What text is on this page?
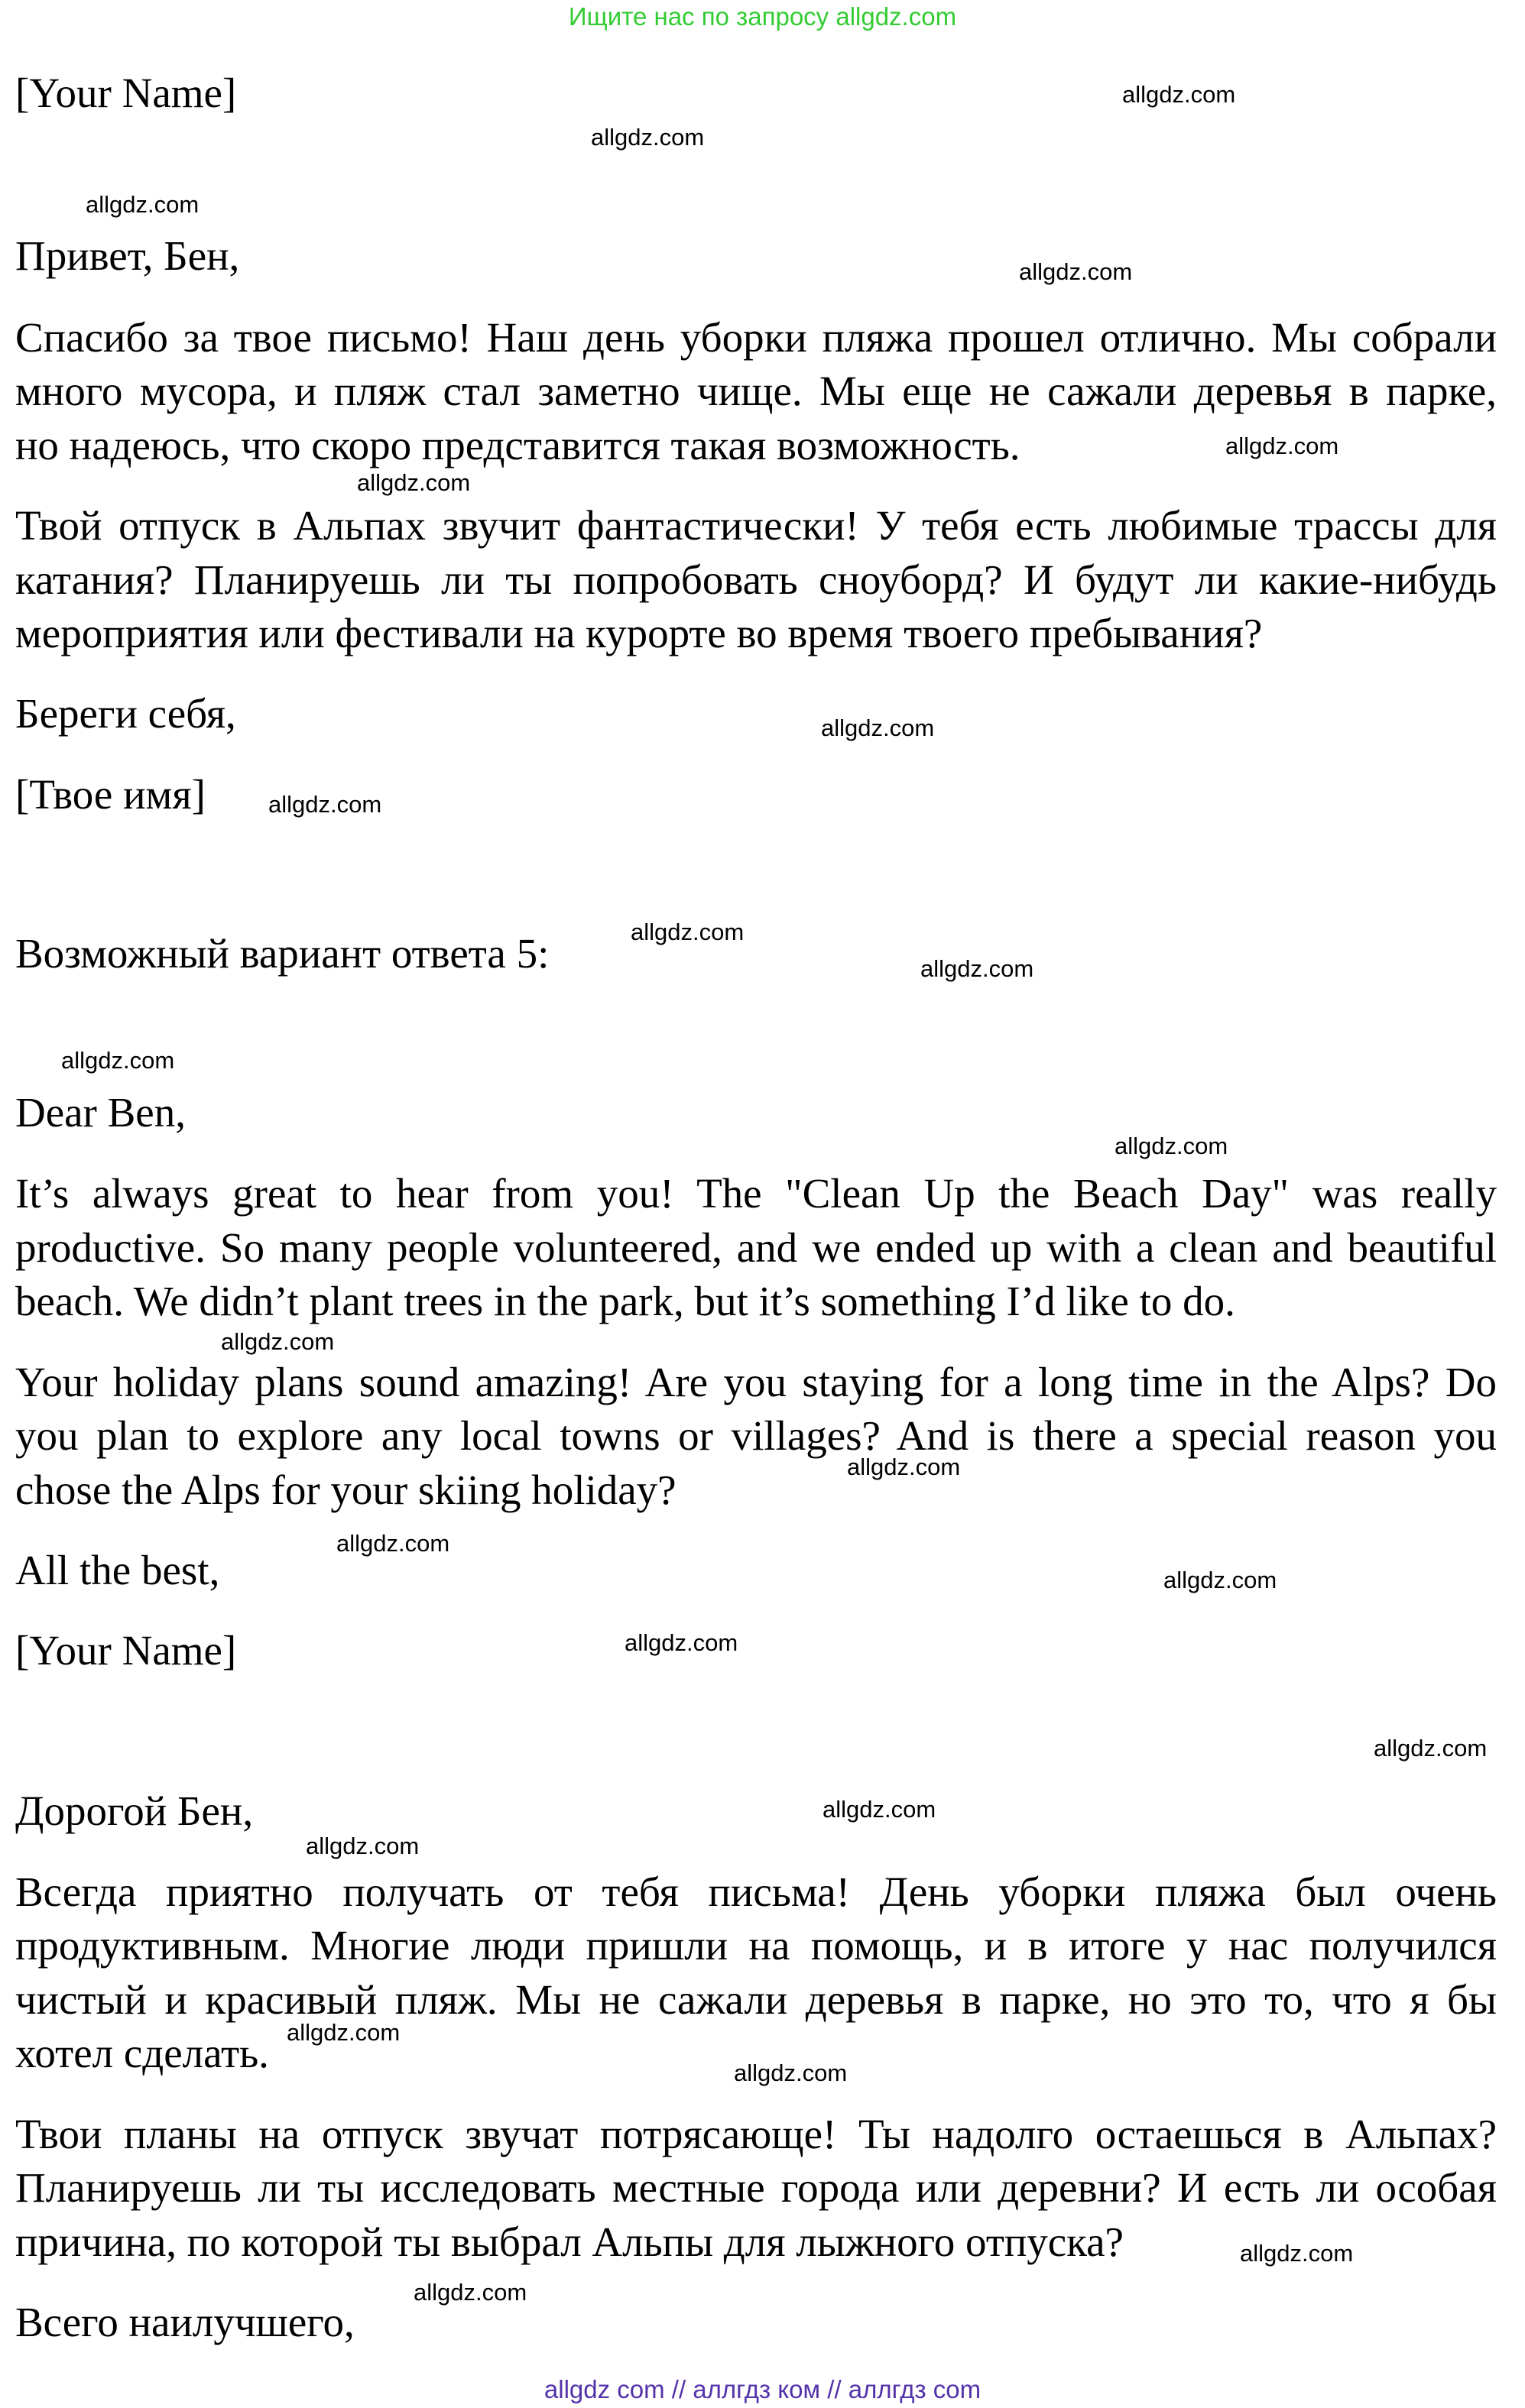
Ищите нас по запросу allgdz.com
[Your Name]
Привет, Бен,
Спасибо за твое письмо! Наш день уборки пляжа прошел отлично. Мы собрали
много мусора, и пляж стал заметно чище. Мы еще не сажали деревья в парке,
но надеюсь, что скоро представится такая возможность.
Твой отпуск в Альпах звучит фантастически! У тебя есть любимые трассы для
катания? Планируешь ли ты попробовать сноуборд? И будут ли какие-нибудь
мероприятия или фестивали на курорте во время твоего пребывания?
Береги себя,
[Твое имя]
Возможный вариант ответа 5:
Dear Ben,
It’s always great to hear from you! The "Clean Up the Beach Day" was really
productive. So many people volunteered, and we ended up with a clean and beautiful
beach. We didn’t plant trees in the park, but it’s something I’d like to do.
Your holiday plans sound amazing! Are you staying for a long time in the Alps? Do
you plan to explore any local towns or villages? And is there a special reason you
chose the Alps for your skiing holiday?
All the best,
[Your Name]
Дорогой Бен,
Всегда приятно получать от тебя письма! День уборки пляжа был очень
продуктивным. Многие люди пришли на помощь, и в итоге у нас получился
чистый и красивый пляж. Мы не сажали деревья в парке, но это то, что я бы
хотел сделать.
Твои планы на отпуск звучат потрясающе! Ты надолго остаешься в Альпах?
Планируешь ли ты исследовать местные города или деревни? И есть ли особая
причина, по которой ты выбрал Альпы для лыжного отпуска?
Всего наилучшего,
allgdz.com
allgdz.com
allgdz.com
allgdz.com
allgdz.com
allgdz.com
allgdz.com
allgdz.com
allgdz.com
allgdz.com
allgdz.com
allgdz.com
allgdz.com
allgdz.com
allgdz.com
allgdz.com
allgdz.com
allgdz.com
allgdz.com
allgdz.com
allgdz.com
allgdz.com
allgdz.com
allgdz.com
allgdz com // аллгдз ком // аллгдз com
